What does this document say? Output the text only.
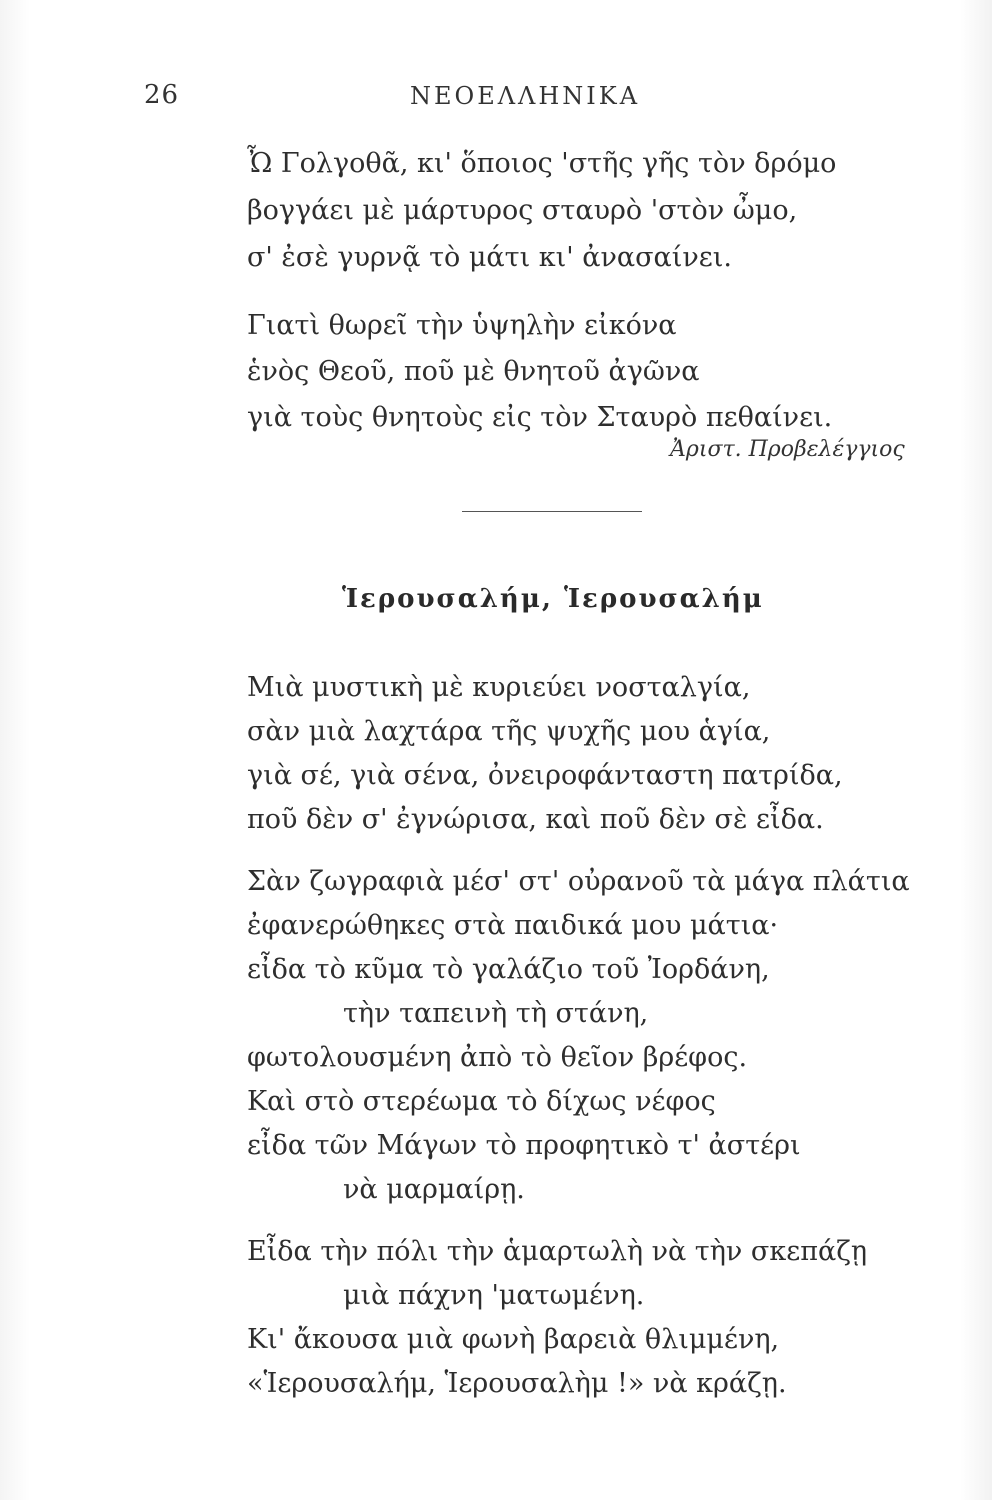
26	ΝΕΟΕΛΛΗΝΙΚΑ
Ὦ Γολγοθᾶ, κι' ὅποιος 'στῆς γῆς τὸν δρόμο
βογγάει μὲ μάρτυρος σταυρὸ 'στὸν ὦμο,
σ' ἐσὲ γυρνᾷ τὸ μάτι κι' ἀνασαίνει.
Γιατὶ θωρεῖ τὴν ὑψηλὴν εἰκόνα
ἑνὸς Θεοῦ, ποῦ μὲ θνητοῦ ἀγῶνα
γιὰ τοὺς θνητοὺς εἰς τὸν Σταυρὸ πεθαίνει.
Ἀριστ. Προβελέγγιος
Ἱερουσαλήμ, Ἱερουσαλήμ
Μιὰ μυστικὴ μὲ κυριεύει νοσταλγία,
σὰν μιὰ λαχτάρα τῆς ψυχῆς μου ἁγία,
γιὰ σέ, γιὰ σένα, ὀνειροφάνταστη πατρίδα,
ποῦ δὲν σ' ἐγνώρισα, καὶ ποῦ δὲν σὲ εἶδα.
Σὰν ζωγραφιὰ μέσ' στ' οὐρανοῦ τὰ μάγα πλάτια
ἐφανερώθηκες στὰ παιδικά μου μάτια·
εἶδα τὸ κῦμα τὸ γαλάζιο τοῦ Ἰορδάνη,
τὴν ταπεινὴ τὴ στάνη,
φωτολουσμένη ἀπὸ τὸ θεῖον βρέφος.
Καὶ στὸ στερέωμα τὸ δίχως νέφος
εἶδα τῶν Μάγων τὸ προφητικὸ τ' ἀστέρι
νὰ μαρμαίρῃ.
Εἶδα τὴν πόλι τὴν ἁμαρτωλὴ νὰ τὴν σκεπάζῃ
μιὰ πάχνη 'ματωμένη.
Κι' ἄκουσα μιὰ φωνὴ βαρειὰ θλιμμένη,
«Ἱερουσαλήμ, Ἱερουσαλὴμ !» νὰ κράζῃ.
